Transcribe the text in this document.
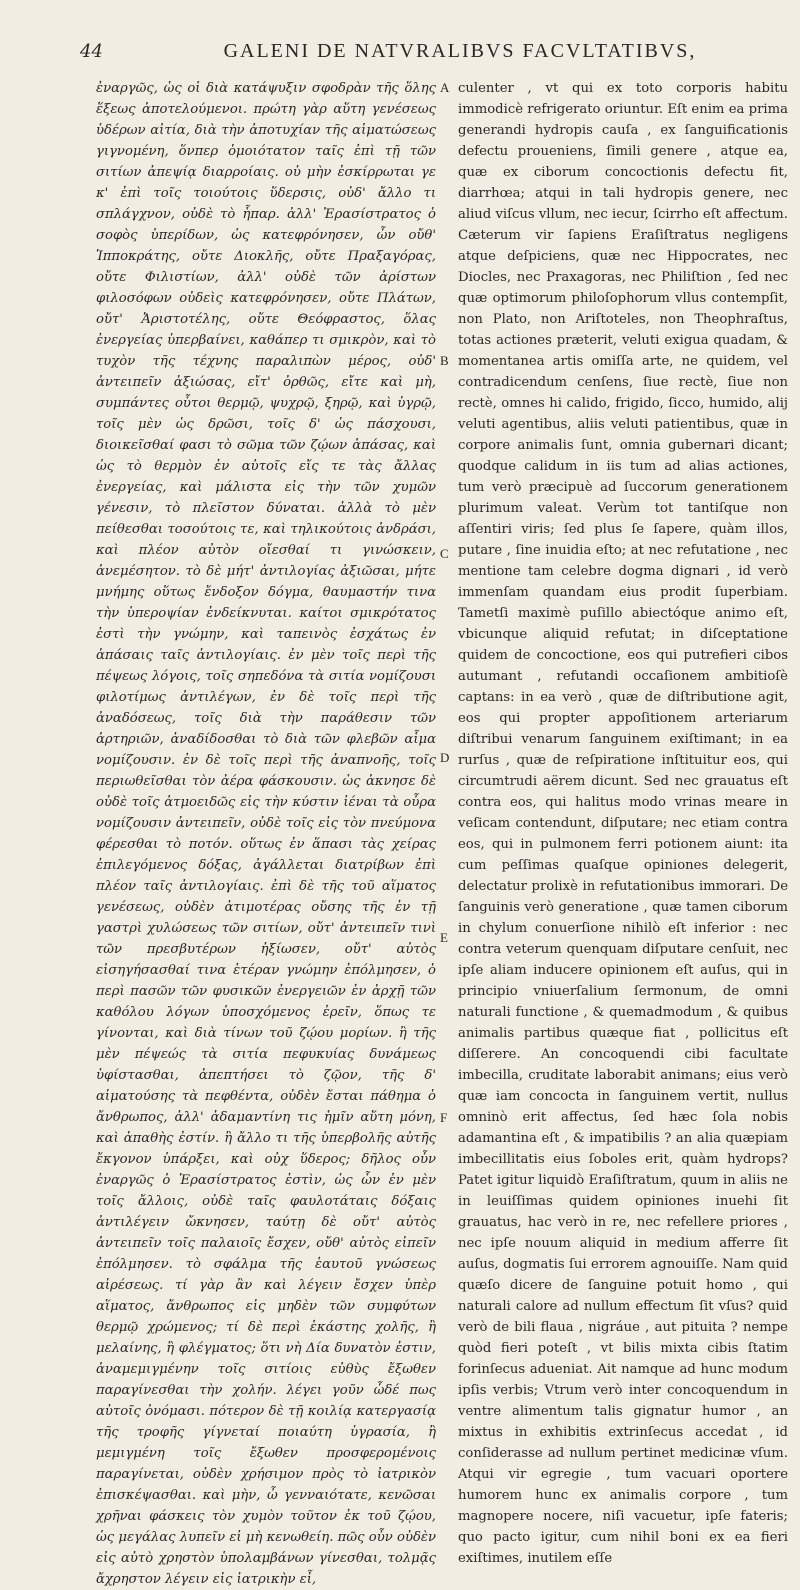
44	GALENI DE NATVRALIBVS FACVLTATIBVS,

ἐναργῶς, ὡς οἱ διὰ κατάψυξιν σφοδρὰν τῆς ὅλης ἕξεως ἀποτελούμενοι. πρώτη γὰρ αὕτη γενέσεως ὑδέρων αἰτία, διὰ τὴν ἀποτυχίαν τῆς αἱματώσεως γιγνομένη, ὅνπερ ὁμοιότατον ταῖς ἐπὶ τῇ τῶν σιτίων ἀπεψίᾳ διαρροίαις. οὐ μὴν ἐσκίρρωται γε κ' ἐπὶ τοῖς τοιούτοις ὕδερσις, οὐδ' ἄλλο τι σπλάγχνον, οὐδὲ τὸ ἧπαρ. ἀλλ' Ἐρασίστρατος ὁ σοφὸς ὑπερίδων, ὡς κατεφρόνησεν, ὧν οὔθ' Ἱπποκράτης, οὔτε Διοκλῆς, οὔτε Πραξαγόρας, οὔτε Φιλιστίων, ἀλλ' οὐδὲ τῶν ἀρίστων φιλοσόφων οὐδεὶς κατεφρόνησεν, οὔτε Πλάτων, οὔτ' Ἀριστοτέλης, οὔτε Θεόφραστος, ὅλας ἐνεργείας ὑπερβαίνει, καθάπερ τι σμικρὸν, καὶ τὸ τυχὸν τῆς τέχνης παραλιπὼν μέρος, οὐδ' ἀντειπεῖν ἀξιώσας, εἴτ' ὀρθῶς, εἴτε καὶ μὴ, συμπάντες οὗτοι θερμῷ, ψυχρῷ, ξηρῷ, καὶ ὑγρῷ, τοῖς μὲν ὡς δρῶσι, τοῖς δ' ὡς πάσχουσι, διοικεῖσθαί φασι τὸ σῶμα τῶν ζῴων ἁπάσας, καὶ ὡς τὸ θερμὸν ἐν αὐτοῖς εἴς τε τὰς ἄλλας ἐνεργείας, καὶ μάλιστα εἰς τὴν τῶν χυμῶν γένεσιν, τὸ πλεῖστον δύναται. ἀλλὰ τὸ μὲν πείθεσθαι τοσούτοις τε, καὶ τηλικούτοις ἀνδράσι, καὶ πλέον αὐτὸν οἴεσθαί τι γινώσκειν, ἀνεμέσητον. τὸ δὲ μήτ' ἀντιλογίας ἀξιῶσαι, μήτε μνήμης οὕτως ἔνδοξον δόγμα, θαυμαστήν τινα τὴν ὑπεροψίαν ἐνδείκνυται. καίτοι σμικρότατος ἐστὶ τὴν γνώμην, καὶ ταπεινὸς ἐσχάτως ἐν ἁπάσαις ταῖς ἀντιλογίαις. ἐν μὲν τοῖς περὶ τῆς πέψεως λόγοις, τοῖς σηπεδόνα τὰ σιτία νομίζουσι φιλοτίμως ἀντιλέγων, ἐν δὲ τοῖς περὶ τῆς ἀναδόσεως, τοῖς διὰ τὴν παράθεσιν τῶν ἀρτηριῶν, ἀναδίδοσθαι τὸ διὰ τῶν φλεβῶν αἷμα νομίζουσιν. ἐν δὲ τοῖς περὶ τῆς ἀναπνοῆς, τοῖς περιωθεῖσθαι τὸν ἀέρα φάσκουσιν. ὡς ἀκνησε δὲ οὐδὲ τοῖς ἀτμοειδῶς εἰς τὴν κύστιν ἰέναι τὰ οὖρα νομίζουσιν ἀντειπεῖν, οὐδὲ τοῖς εἰς τὸν πνεύμονα φέρεσθαι τὸ ποτόν. οὕτως ἐν ἅπασι τὰς χείρας ἐπιλεγόμενος δόξας, ἀγάλλεται διατρίβων ἐπὶ πλέον ταῖς ἀντιλογίαις. ἐπὶ δὲ τῆς τοῦ αἵματος γενέσεως, οὐδὲν ἀτιμοτέρας οὔσης τῆς ἐν τῇ γαστρὶ χυλώσεως τῶν σιτίων, οὔτ' ἀντειπεῖν τινὶ τῶν πρεσβυτέρων ἠξίωσεν, οὔτ' αὐτὸς εἰσηγήσασθαί τινα ἑτέραν γνώμην ἐπόλμησεν, ὁ περὶ πασῶν τῶν φυσικῶν ἐνεργειῶν ἐν ἀρχῇ τῶν καθόλου λόγων ὑποσχόμενος ἐρεῖν, ὅπως τε γίνονται, καὶ διὰ τίνων τοῦ ζῴου μορίων. ἢ τῆς μὲν πέψεώς τὰ σιτία πεφυκυίας δυνάμεως ὑφίστασθαι, ἀπεπτήσει τὸ ζῷον, τῆς δ' αἱματούσης τὰ πεφθέντα, οὐδὲν ἔσται πάθημα ὁ ἄνθρωπος, ἀλλ' ἀδαμαντίνη τις ἡμῖν αὕτη μόνη, καὶ ἀπαθὴς ἐστίν. ἢ ἄλλο τι τῆς ὑπερβολῆς αὐτῆς ἔκγονον ὑπάρξει, καὶ οὐχ ὕδερος; δῆλος οὖν ἐναργῶς ὁ Ἐρασίστρατος ἐστὶν, ὡς ὧν ἐν μὲν τοῖς ἄλλοις, οὐδὲ ταῖς φαυλοτάταις δόξαις ἀντιλέγειν ὤκνησεν, ταύτῃ δὲ οὔτ' αὐτὸς ἀντειπεῖν τοῖς παλαιοῖς ἔσχεν, οὔθ' αὐτὸς εἰπεῖν ἐπόλμησεν. τὸ σφάλμα τῆς ἑαυτοῦ γνώσεως αἱρέσεως. τί γὰρ ἂν καὶ λέγειν ἔσχεν ὑπὲρ αἵματος, ἄνθρωπος εἰς μηδὲν τῶν συμφύτων θερμῷ χρώμενος; τί δὲ περὶ ἑκάστης χολῆς, ἢ μελαίνης, ἢ φλέγματος; ὅτι νὴ Δία δυνατὸν ἐστιν, ἀναμεμιγμένην τοῖς σιτίοις εὐθὺς ἔξωθεν παραγίνεσθαι τὴν χολήν. λέγει γοῦν ὧδέ πως αὐτοῖς ὀνόμασι. πότερον δὲ τῇ κοιλίᾳ κατεργασίᾳ τῆς τροφῆς γίγνεταί ποιαύτη ὑγρασία, ἢ μεμιγμένη τοῖς ἔξωθεν προσφερομένοις παραγίνεται, οὐδὲν χρήσιμον πρὸς τὸ ἰατρικὸν ἐπισκέψασθαι. καὶ μὴν, ὦ γενναιότατε, κενῶσαι χρῆναι φάσκεις τὸν χυμὸν τοῦτον ἐκ τοῦ ζῴου, ὡς μεγάλας λυπεῖν εἰ μὴ κενωθείη. πῶς οὖν οὐδὲν εἰς αὐτὸ χρηστὸν ὑπολαμβάνων γίνεσθαι, τολμᾷς ἄχρηστον λέγειν εἰς ἰατρικὴν εἶ,

A
B
C
D
E
F

culenter , vt qui ex toto corporis habitu immodicè refrigerato oriuntur. Eſt enim ea prima generandi hydropis cauſa , ex ſanguificationis defectu proueniens, ſimili genere , atque ea, quæ ex ciborum concoctionis defectu fit, diarrhœa; atqui in tali hydropis genere, nec aliud viſcus vllum, nec iecur, ſcirrho eſt affectum. Cæterum vir ſapiens Eraſiſtratus negligens atque deſpiciens, quæ nec Hippocrates, nec Diocles, nec Praxagoras, nec Philiſtion , ſed nec quæ optimorum philoſophorum vllus contempſit, non Plato, non Ariſtoteles, non Theophraſtus, totas actiones præterit, veluti exigua quadam, & momentanea artis omiſſa arte, ne quidem, vel contradicendum cenſens, ſiue rectè, ſiue non rectè, omnes hi calido, frigido, ſicco, humido, alij veluti agentibus, aliis veluti patientibus, quæ in corpore animalis ſunt, omnia gubernari dicant; quodque calidum in iis tum ad alias actiones, tum verò præcipuè ad ſuccorum generationem plurimum valeat. Verùm tot tantiſque non aſſentiri viris; ſed plus ſe ſapere, quàm illos, putare , ſine inuidia eſto; at nec refutatione , nec mentione tam celebre dogma dignari , id verò immenſam quandam eius prodit ſuperbiam. Tametſi maximè puſillo abiectóque animo eſt, vbicunque aliquid refutat; in diſceptatione quidem de concoctione, eos qui putrefieri cibos autumant , refutandi occaſionem ambitioſè captans: in ea verò , quæ de diſtributione agit, eos qui propter appoſitionem arteriarum diſtribui venarum ſanguinem exiſtimant; in ea rurſus , quæ de reſpiratione inſtituitur eos, qui circumtrudi aërem dicunt. Sed nec grauatus eſt contra eos, qui halitus modo vrinas meare in veſicam contendunt, diſputare; nec etiam contra eos, qui in pulmonem ferri potionem aiunt: ita cum peſſimas quaſque opiniones delegerit, delectatur prolixè in refutationibus immorari. De ſanguinis verò generatione , quæ tamen ciborum in chylum conuerſione nihilò eſt inferior : nec contra veterum quenquam diſputare cenſuit, nec ipſe aliam inducere opinionem eſt auſus, qui in principio vniuerſalium ſermonum, de omni naturali functione , & quemadmodum , & quibus animalis partibus quæque fiat , pollicitus eſt diſſerere. An concoquendi cibi facultate imbecilla, cruditate laborabit animans; eius verò quæ iam concocta in ſanguinem vertit, nullus omninò erit affectus, ſed hæc ſola nobis adamantina eſt , & impatibilis ? an alia quæpiam imbecillitatis eius ſoboles erit, quàm hydrops? Patet igitur liquidò Eraſiſtratum, quum in aliis ne in leuiſſimas quidem opiniones inuehi ſit grauatus, hac verò in re, nec refellere priores , nec ipſe nouum aliquid in medium afferre ſit auſus, dogmatis ſui errorem agnouiſſe. Nam quid quæſo dicere de ſanguine potuit homo , qui naturali calore ad nullum effectum ſit vſus? quid verò de bili flaua , nigráue , aut pituita ? nempe quòd fieri poteſt , vt bilis mixta cibis ſtatim forinſecus adueniat. Ait namque ad hunc modum ipſis verbis; Vtrum verò inter concoquendum in ventre alimentum talis gignatur humor , an mixtus in exhibitis extrinſecus accedat , id conſiderasse ad nullum pertinet medicinæ vſum. Atqui vir egregie , tum vacuari oportere humorem hunc ex animalis corpore , tum magnopere nocere, niſi vacuetur, ipſe fateris; quo pacto igitur, cum nihil boni ex ea fieri exiſtimes, inutilem eſſe
